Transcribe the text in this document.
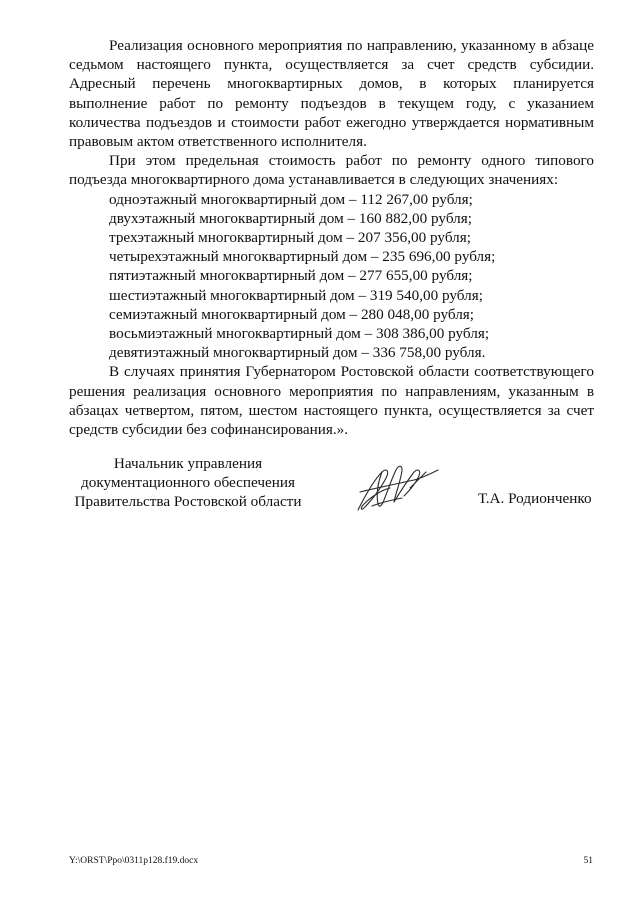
Реализация основного мероприятия по направлению, указанному в абзаце седьмом настоящего пункта, осуществляется за счет средств субсидии. Адресный перечень многоквартирных домов, в которых планируется выполнение работ по ремонту подъездов в текущем году, с указанием количества подъездов и стоимости работ ежегодно утверждается нормативным правовым актом ответственного исполнителя.

При этом предельная стоимость работ по ремонту одного типового подъезда многоквартирного дома устанавливается в следующих значениях:

одноэтажный многоквартирный дом – 112 267,00 рубля;
двухэтажный многоквартирный дом – 160 882,00 рубля;
трехэтажный многоквартирный дом – 207 356,00 рубля;
четырехэтажный многоквартирный дом – 235 696,00 рубля;
пятиэтажный многоквартирный дом – 277 655,00 рубля;
шестиэтажный многоквартирный дом – 319 540,00 рубля;
семиэтажный многоквартирный дом – 280 048,00 рубля;
восьмиэтажный многоквартирный дом – 308 386,00 рубля;
девятиэтажный многоквартирный дом – 336 758,00 рубля.

В случаях принятия Губернатором Ростовской области соответствующего решения реализация основного мероприятия по направлениям, указанным в абзацах четвертом, пятом, шестом настоящего пункта, осуществляется за счет средств субсидии без софинансирования.».

Начальник управления
документационного обеспечения
Правительства Ростовской области	Т.А. Родионченко
Y:\ORST\Ppo\0311p128.f19.docx	51
